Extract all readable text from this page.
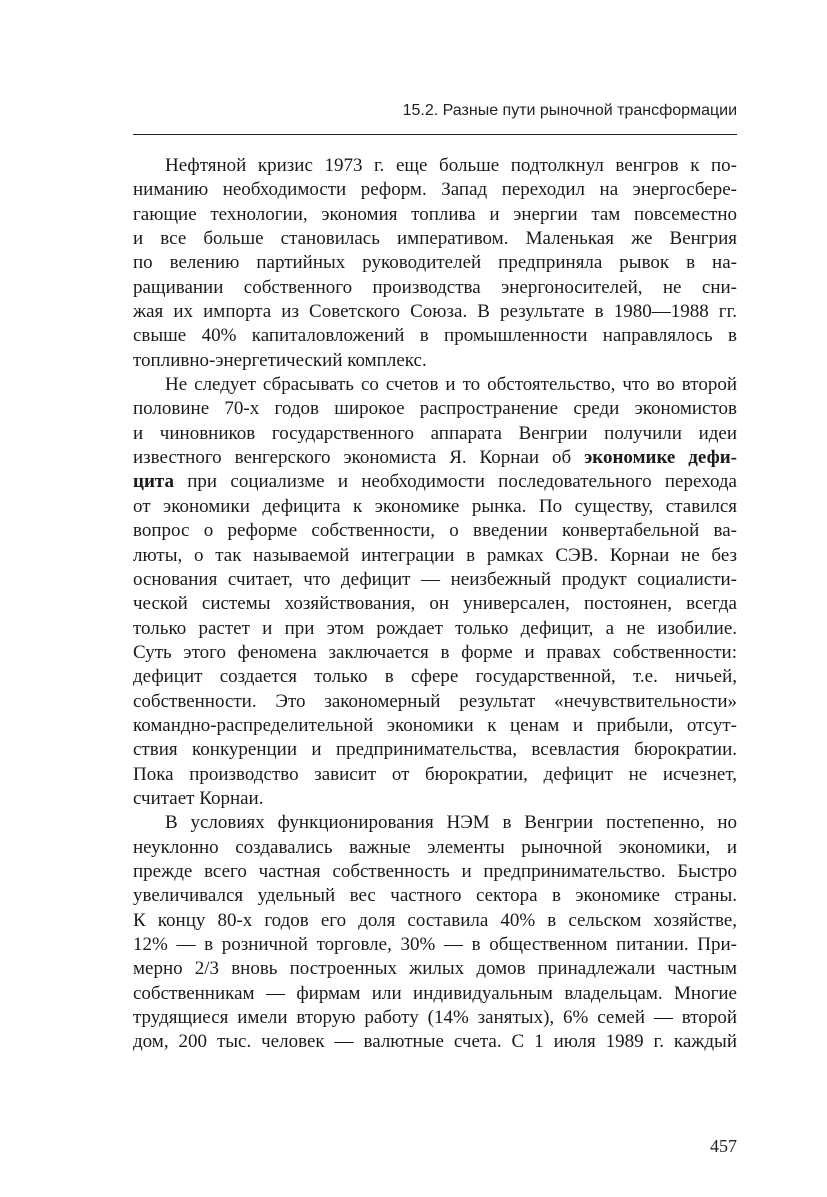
15.2. Разные пути рыночной трансформации
Нефтяной кризис 1973 г. еще больше подтолкнул венгров к по-
ниманию необходимости реформ. Запад переходил на энергосбере-
гающие технологии, экономия топлива и энергии там повсеместно
и все больше становилась императивом. Маленькая же Венгрия
по велению партийных руководителей предприняла рывок в на-
ращивании собственного производства энергоносителей, не сни-
жая их импорта из Советского Союза. В результате в 1980—1988 гг.
свыше 40% капиталовложений в промышленности направлялось в
топливно-энергетический комплекс.
Не следует сбрасывать со счетов и то обстоятельство, что во второй
половине 70-х годов широкое распространение среди экономистов
и чиновников государственного аппарата Венгрии получили идеи
известного венгерского экономиста Я. Корнаи об экономике дефи-
цита при социализме и необходимости последовательного перехода
от экономики дефицита к экономике рынка. По существу, ставился
вопрос о реформе собственности, о введении конвертабельной ва-
люты, о так называемой интеграции в рамках СЭВ. Корнаи не без
основания считает, что дефицит — неизбежный продукт социалисти-
ческой системы хозяйствования, он универсален, постоянен, всегда
только растет и при этом рождает только дефицит, а не изобилие.
Суть этого феномена заключается в форме и правах собственности:
дефицит создается только в сфере государственной, т.е. ничьей,
собственности. Это закономерный результат «нечувствительности»
командно-распределительной экономики к ценам и прибыли, отсут-
ствия конкуренции и предпринимательства, всевластия бюрократии.
Пока производство зависит от бюрократии, дефицит не исчезнет,
считает Корнаи.
В условиях функционирования НЭМ в Венгрии постепенно, но
неуклонно создавались важные элементы рыночной экономики, и
прежде всего частная собственность и предпринимательство. Быстро
увеличивался удельный вес частного сектора в экономике страны.
К концу 80-х годов его доля составила 40% в сельском хозяйстве,
12% — в розничной торговле, 30% — в общественном питании. При-
мерно 2/3 вновь построенных жилых домов принадлежали частным
собственникам — фирмам или индивидуальным владельцам. Многие
трудящиеся имели вторую работу (14% занятых), 6% семей — второй
дом, 200 тыс. человек — валютные счета. С 1 июля 1989 г. каждый
457
